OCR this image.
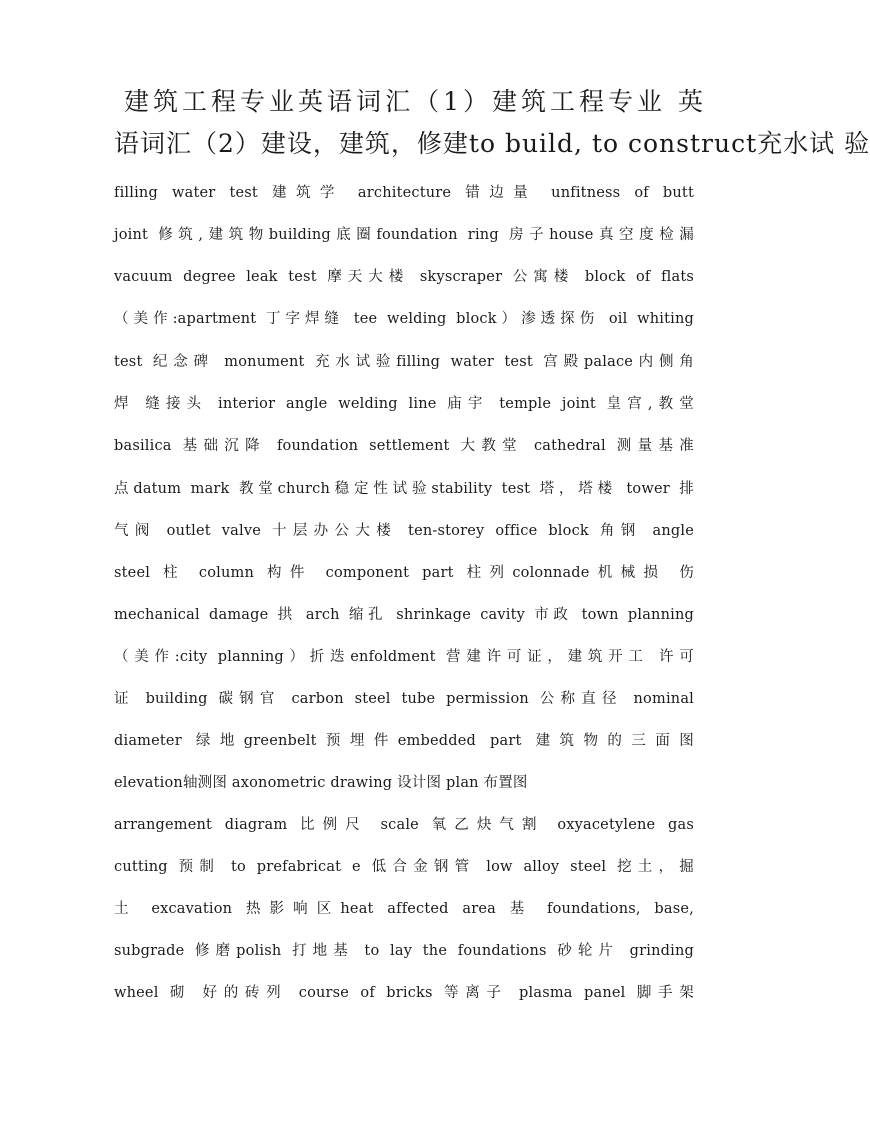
建筑工程专业英语词汇（1）建筑工程专业 英
语词汇（2）建设，建筑，修建to build, to construct充水试 验
filling water test 建筑学 architecture 错边量 unfitness of butt
joint 修筑,建筑物building底圈foundation ring 房子house真空度检漏
vacuum degree leak test 摩天大楼 skyscraper 公寓楼 block of flats
（美作:apartment 丁字焊缝 tee welding block）渗透探伤 oil whiting
test 纪念碑 monument 充水试验filling water test 宫殿palace内侧角
焊 缝接头 interior angle welding line 庙宇 temple joint 皇宫,教堂
basilica 基础沉降 foundation settlement 大教堂 cathedral 测量基准
点datum mark 教堂church稳定性试验stability test 塔，塔楼 tower 排
气阀 outlet valve 十层办公大楼 ten-storey office block 角钢 angle
steel 柱 column 构件 component part 柱列colonnade机械损 伤
mechanical damage 拱 arch 缩孔 shrinkage cavity 市政 town planning
（美作:city planning）折迭enfoldment 营建许可证，建筑开工 许可
证 building 碳钢官 carbon steel tube permission 公称直径 nominal
diameter 绿地greenbelt预埋件embedded part 建筑物的三面图
elevation轴测图 axonometric drawing 设计图 plan 布置图
arrangement diagram 比例尺 scale 氧乙炔气割 oxyacetylene gas
cutting 预制 to prefabricat e 低合金钢管 low alloy steel 挖土，掘
土 excavation 热影响区heat affected area 基 foundations, base,
subgrade 修磨polish 打地基 to lay the foundations 砂轮片 grinding
wheel 砌 好的砖列 course of bricks 等离子 plasma panel 脚手架
